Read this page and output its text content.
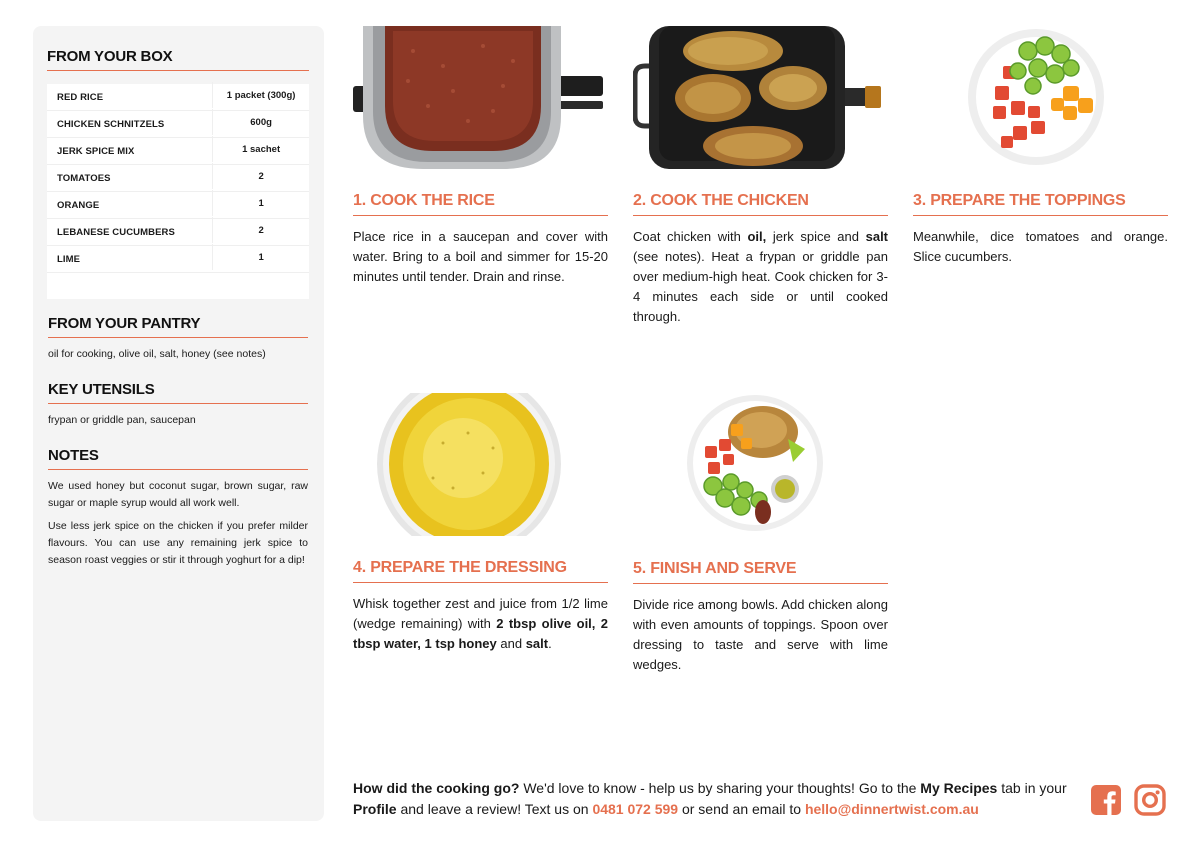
FROM YOUR BOX
RED RICE	1 packet (300g)
CHICKEN SCHNITZELS	600g
JERK SPICE MIX	1 sachet
TOMATOES	2
ORANGE	1
LEBANESE CUCUMBERS	2
LIME	1
FROM YOUR PANTRY
oil for cooking, olive oil, salt, honey (see notes)
KEY UTENSILS
frypan or griddle pan, saucepan
NOTES

We used honey but coconut sugar, brown sugar, raw sugar or maple syrup would all work well.

Use less jerk spice on the chicken if you prefer milder flavours. You can use any remaining jerk spice to season roast veggies or stir it through yoghurt for a dip!

1. COOK THE RICE
Place rice in a saucepan and cover with water. Bring to a boil and simmer for 15-20 minutes until tender. Drain and rinse.
2. COOK THE CHICKEN
Coat chicken with oil, jerk spice and salt (see notes). Heat a frypan or griddle pan over medium-high heat. Cook chicken for 3-4 minutes each side or until cooked through.
3. PREPARE THE TOPPINGS
Meanwhile, dice tomatoes and orange. Slice cucumbers.
4. PREPARE THE DRESSING
Whisk together zest and juice from 1/2 lime (wedge remaining) with 2 tbsp olive oil, 2 tbsp water, 1 tsp honey and salt.
5. FINISH AND SERVE
Divide rice among bowls. Add chicken along with even amounts of toppings. Spoon over dressing to taste and serve with lime wedges.
How did the cooking go? We'd love to know - help us by sharing your thoughts! Go to the My Recipes tab in your Profile and leave a review! Text us on 0481 072 599 or send an email to hello@dinnertwist.com.au
